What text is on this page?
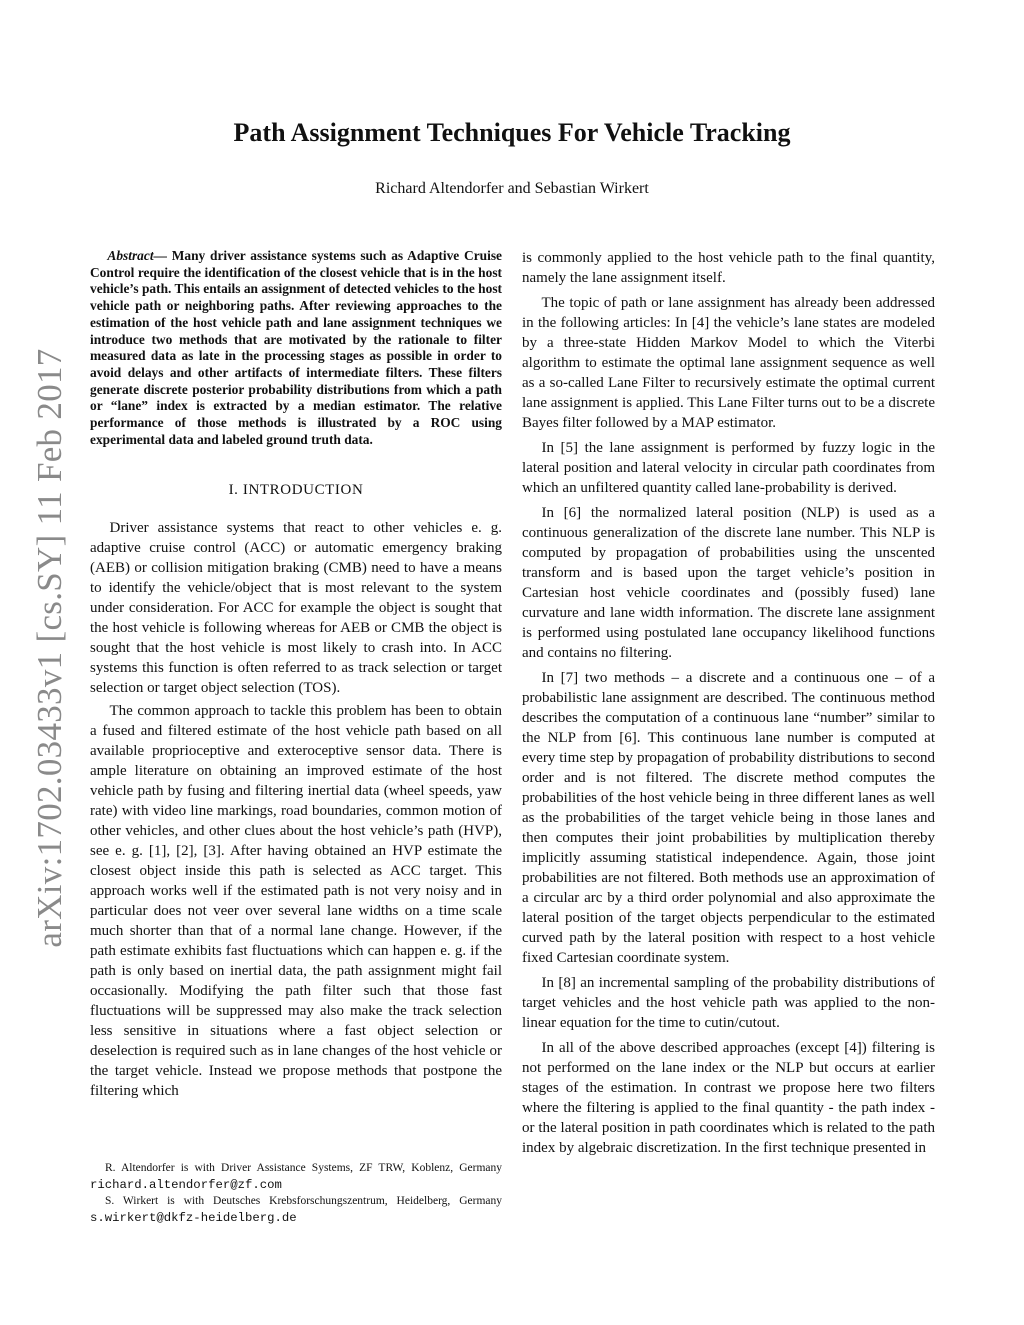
arXiv:1702.03433v1 [cs.SY] 11 Feb 2017
Path Assignment Techniques For Vehicle Tracking
Richard Altendorfer and Sebastian Wirkert

Abstract— Many driver assistance systems such as Adaptive Cruise Control require the identification of the closest vehicle that is in the host vehicle’s path. This entails an assignment of detected vehicles to the host vehicle path or neighboring paths. After reviewing approaches to the estimation of the host vehicle path and lane assignment techniques we introduce two methods that are motivated by the rationale to filter measured data as late in the processing stages as possible in order to avoid delays and other artifacts of intermediate filters. These filters generate discrete posterior probability distributions from which a path or “lane” index is extracted by a median estimator. The relative performance of those methods is illustrated by a ROC using experimental data and labeled ground truth data.

I. INTRODUCTION

Driver assistance systems that react to other vehicles e. g. adaptive cruise control (ACC) or automatic emergency braking (AEB) or collision mitigation braking (CMB) need to have a means to identify the vehicle/object that is most relevant to the system under consideration. For ACC for example the object is sought that the host vehicle is following whereas for AEB or CMB the object is sought that the host vehicle is most likely to crash into. In ACC systems this function is often referred to as track selection or target selection or target object selection (TOS).

The common approach to tackle this problem has been to obtain a fused and filtered estimate of the host vehicle path based on all available proprioceptive and exteroceptive sensor data. There is ample literature on obtaining an improved estimate of the host vehicle path by fusing and filtering inertial data (wheel speeds, yaw rate) with video line markings, road boundaries, common motion of other vehicles, and other clues about the host vehicle’s path (HVP), see e. g. [1], [2], [3]. After having obtained an HVP estimate the closest object inside this path is selected as ACC target. This approach works well if the estimated path is not very noisy and in particular does not veer over several lane widths on a time scale much shorter than that of a normal lane change. However, if the path estimate exhibits fast fluctuations which can happen e. g. if the path is only based on inertial data, the path assignment might fail occasionally. Modifying the path filter such that those fast fluctuations will be suppressed may also make the track selection less sensitive in situations where a fast object selection or deselection is required such as in lane changes of the host vehicle or the target vehicle. Instead we propose methods that postpone the filtering which

is commonly applied to the host vehicle path to the final quantity, namely the lane assignment itself.

The topic of path or lane assignment has already been addressed in the following articles: In [4] the vehicle’s lane states are modeled by a three-state Hidden Markov Model to which the Viterbi algorithm to estimate the optimal lane assignment sequence as well as a so-called Lane Filter to recursively estimate the optimal current lane assignment is applied. This Lane Filter turns out to be a discrete Bayes filter followed by a MAP estimator.

In [5] the lane assignment is performed by fuzzy logic in the lateral position and lateral velocity in circular path coordinates from which an unfiltered quantity called lane-probability is derived.

In [6] the normalized lateral position (NLP) is used as a continuous generalization of the discrete lane number. This NLP is computed by propagation of probabilities using the unscented transform and is based upon the target vehicle’s position in Cartesian host vehicle coordinates and (possibly fused) lane curvature and lane width information. The discrete lane assignment is performed using postulated lane occupancy likelihood functions and contains no filtering.

In [7] two methods – a discrete and a continuous one – of a probabilistic lane assignment are described. The continuous method describes the computation of a continuous lane “number” similar to the NLP from [6]. This continuous lane number is computed at every time step by propagation of probability distributions to second order and is not filtered. The discrete method computes the probabilities of the host vehicle being in three different lanes as well as the probabilities of the target vehicle being in those lanes and then computes their joint probabilities by multiplication thereby implicitly assuming statistical independence. Again, those joint probabilities are not filtered. Both methods use an approximation of a circular arc by a third order polynomial and also approximate the lateral position of the target objects perpendicular to the estimated curved path by the lateral position with respect to a host vehicle fixed Cartesian coordinate system.

In [8] an incremental sampling of the probability distributions of target vehicles and the host vehicle path was applied to the non-linear equation for the time to cutin/cutout.

In all of the above described approaches (except [4]) filtering is not performed on the lane index or the NLP but occurs at earlier stages of the estimation. In contrast we propose here two filters where the filtering is applied to the final quantity - the path index - or the lateral position in path coordinates which is related to the path index by algebraic discretization. In the first technique presented in

R. Altendorfer is with Driver Assistance Systems, ZF TRW, Koblenz, Germany richard.altendorfer@zf.com

S. Wirkert is with Deutsches Krebsforschungszentrum, Heidelberg, Germany s.wirkert@dkfz-heidelberg.de
